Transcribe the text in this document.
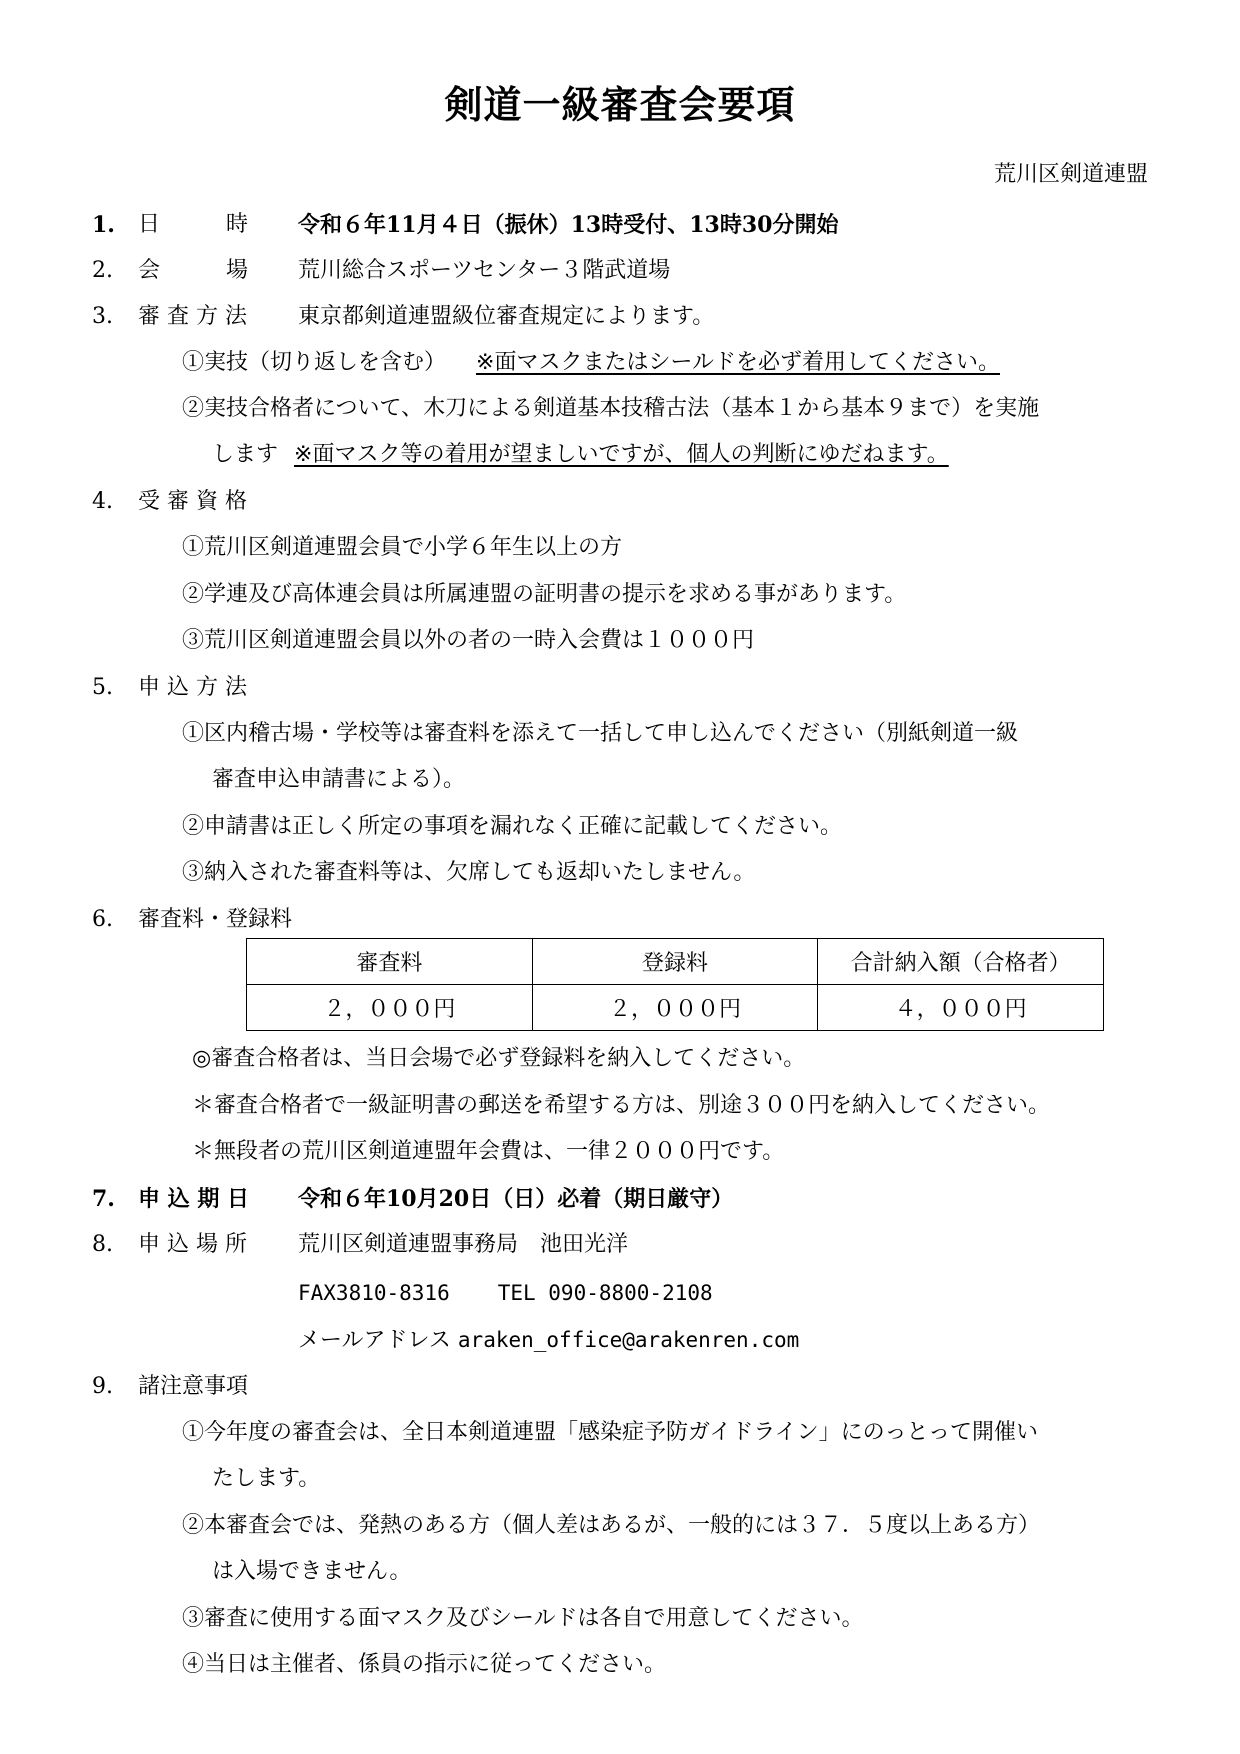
剣道一級審査会要項
荒川区剣道連盟
1.	日　　　時	令和６年11月４日（振休）13時受付、13時30分開始
2.	会　　　場	荒川総合スポーツセンター３階武道場
3.	審 査 方 法	東京都剣道連盟級位審査規定によります。
①実技（切り返しを含む） ※面マスクまたはシールドを必ず着用してください。
②実技合格者について、木刀による剣道基本技稽古法（基本１から基本９まで）を実施
します ※面マスク等の着用が望ましいですが、個人の判断にゆだねます。
4.	受 審 資 格
①荒川区剣道連盟会員で小学６年生以上の方
②学連及び高体連会員は所属連盟の証明書の提示を求める事があります。
③荒川区剣道連盟会員以外の者の一時入会費は１０００円
5.	申 込 方 法
①区内稽古場・学校等は審査料を添えて一括して申し込んでください（別紙剣道一級
審査申込申請書による）。
②申請書は正しく所定の事項を漏れなく正確に記載してください。
③納入された審査料等は、欠席しても返却いたしません。
6.	審査料・登録料
審査料	登録料	合計納入額（合格者）
２，０００円	２，０００円	４，０００円
◎審査合格者は、当日会場で必ず登録料を納入してください。
＊審査合格者で一級証明書の郵送を希望する方は、別途３００円を納入してください。
＊無段者の荒川区剣道連盟年会費は、一律２０００円です。
7.	申 込 期 日	令和６年10月20日（日）必着（期日厳守）
8.	申 込 場 所	荒川区剣道連盟事務局　池田光洋
FAX3810-8316 TEL 090-8800-2108
メールアドレス araken_office@arakenren.com
9.	諸注意事項
①今年度の審査会は、全日本剣道連盟「感染症予防ガイドライン」にのっとって開催い
たします。
②本審査会では、発熱のある方（個人差はあるが、一般的には３７．５度以上ある方）
は入場できません。
③審査に使用する面マスク及びシールドは各自で用意してください。
④当日は主催者、係員の指示に従ってください。
